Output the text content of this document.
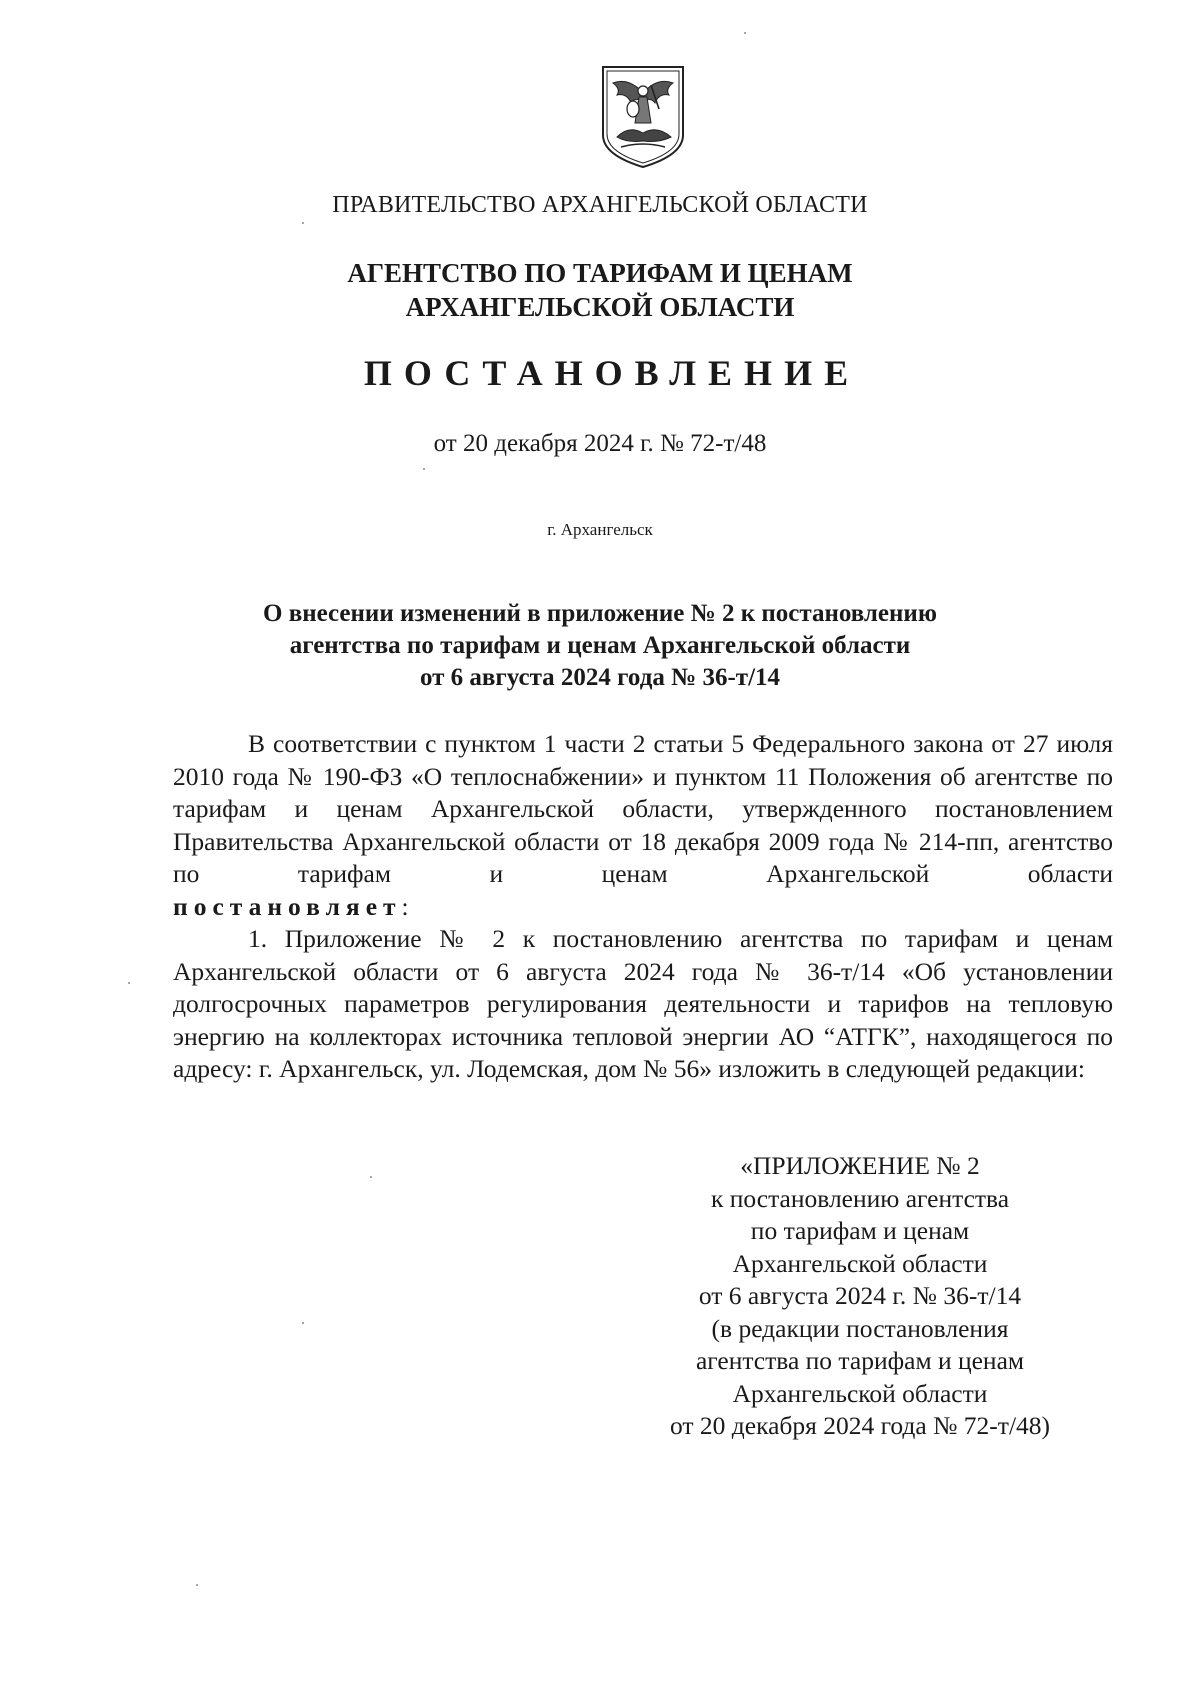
ПРАВИТЕЛЬСТВО АРХАНГЕЛЬСКОЙ ОБЛАСТИ
АГЕНТСТВО ПО ТАРИФАМ И ЦЕНАМ
АРХАНГЕЛЬСКОЙ ОБЛАСТИ
ПОСТАНОВЛЕНИЕ
от 20 декабря 2024 г. № 72-т/48
г. Архангельск
О внесении изменений в приложение № 2 к постановлению
агентства по тарифам и ценам Архангельской области
от 6 августа 2024 года № 36-т/14

В соответствии с пунктом 1 части 2 статьи 5 Федерального закона от 27 июля 2010 года № 190-ФЗ «О теплоснабжении» и пунктом 11 Положения об агентстве по тарифам и ценам Архангельской области, утвержденного постановлением Правительства Архангельской области от 18 декабря 2009 года № 214-пп, агентство по тарифам и ценам Архангельской области

постановляет:

1. Приложение № 2 к постановлению агентства по тарифам и ценам Архангельской области от 6 августа 2024 года № 36-т/14 «Об установлении долгосрочных параметров регулирования деятельности и тарифов на тепловую энергию на коллекторах источника тепловой энергии АО “АТГК”, находящегося по адресу: г. Архангельск, ул. Лодемская, дом № 56» изложить в следующей редакции:

«ПРИЛОЖЕНИЕ № 2
к постановлению агентства
по тарифам и ценам
Архангельской области
от 6 августа 2024 г. № 36-т/14
(в редакции постановления
агентства по тарифам и ценам
Архангельской области
от 20 декабря 2024 года № 72-т/48)
